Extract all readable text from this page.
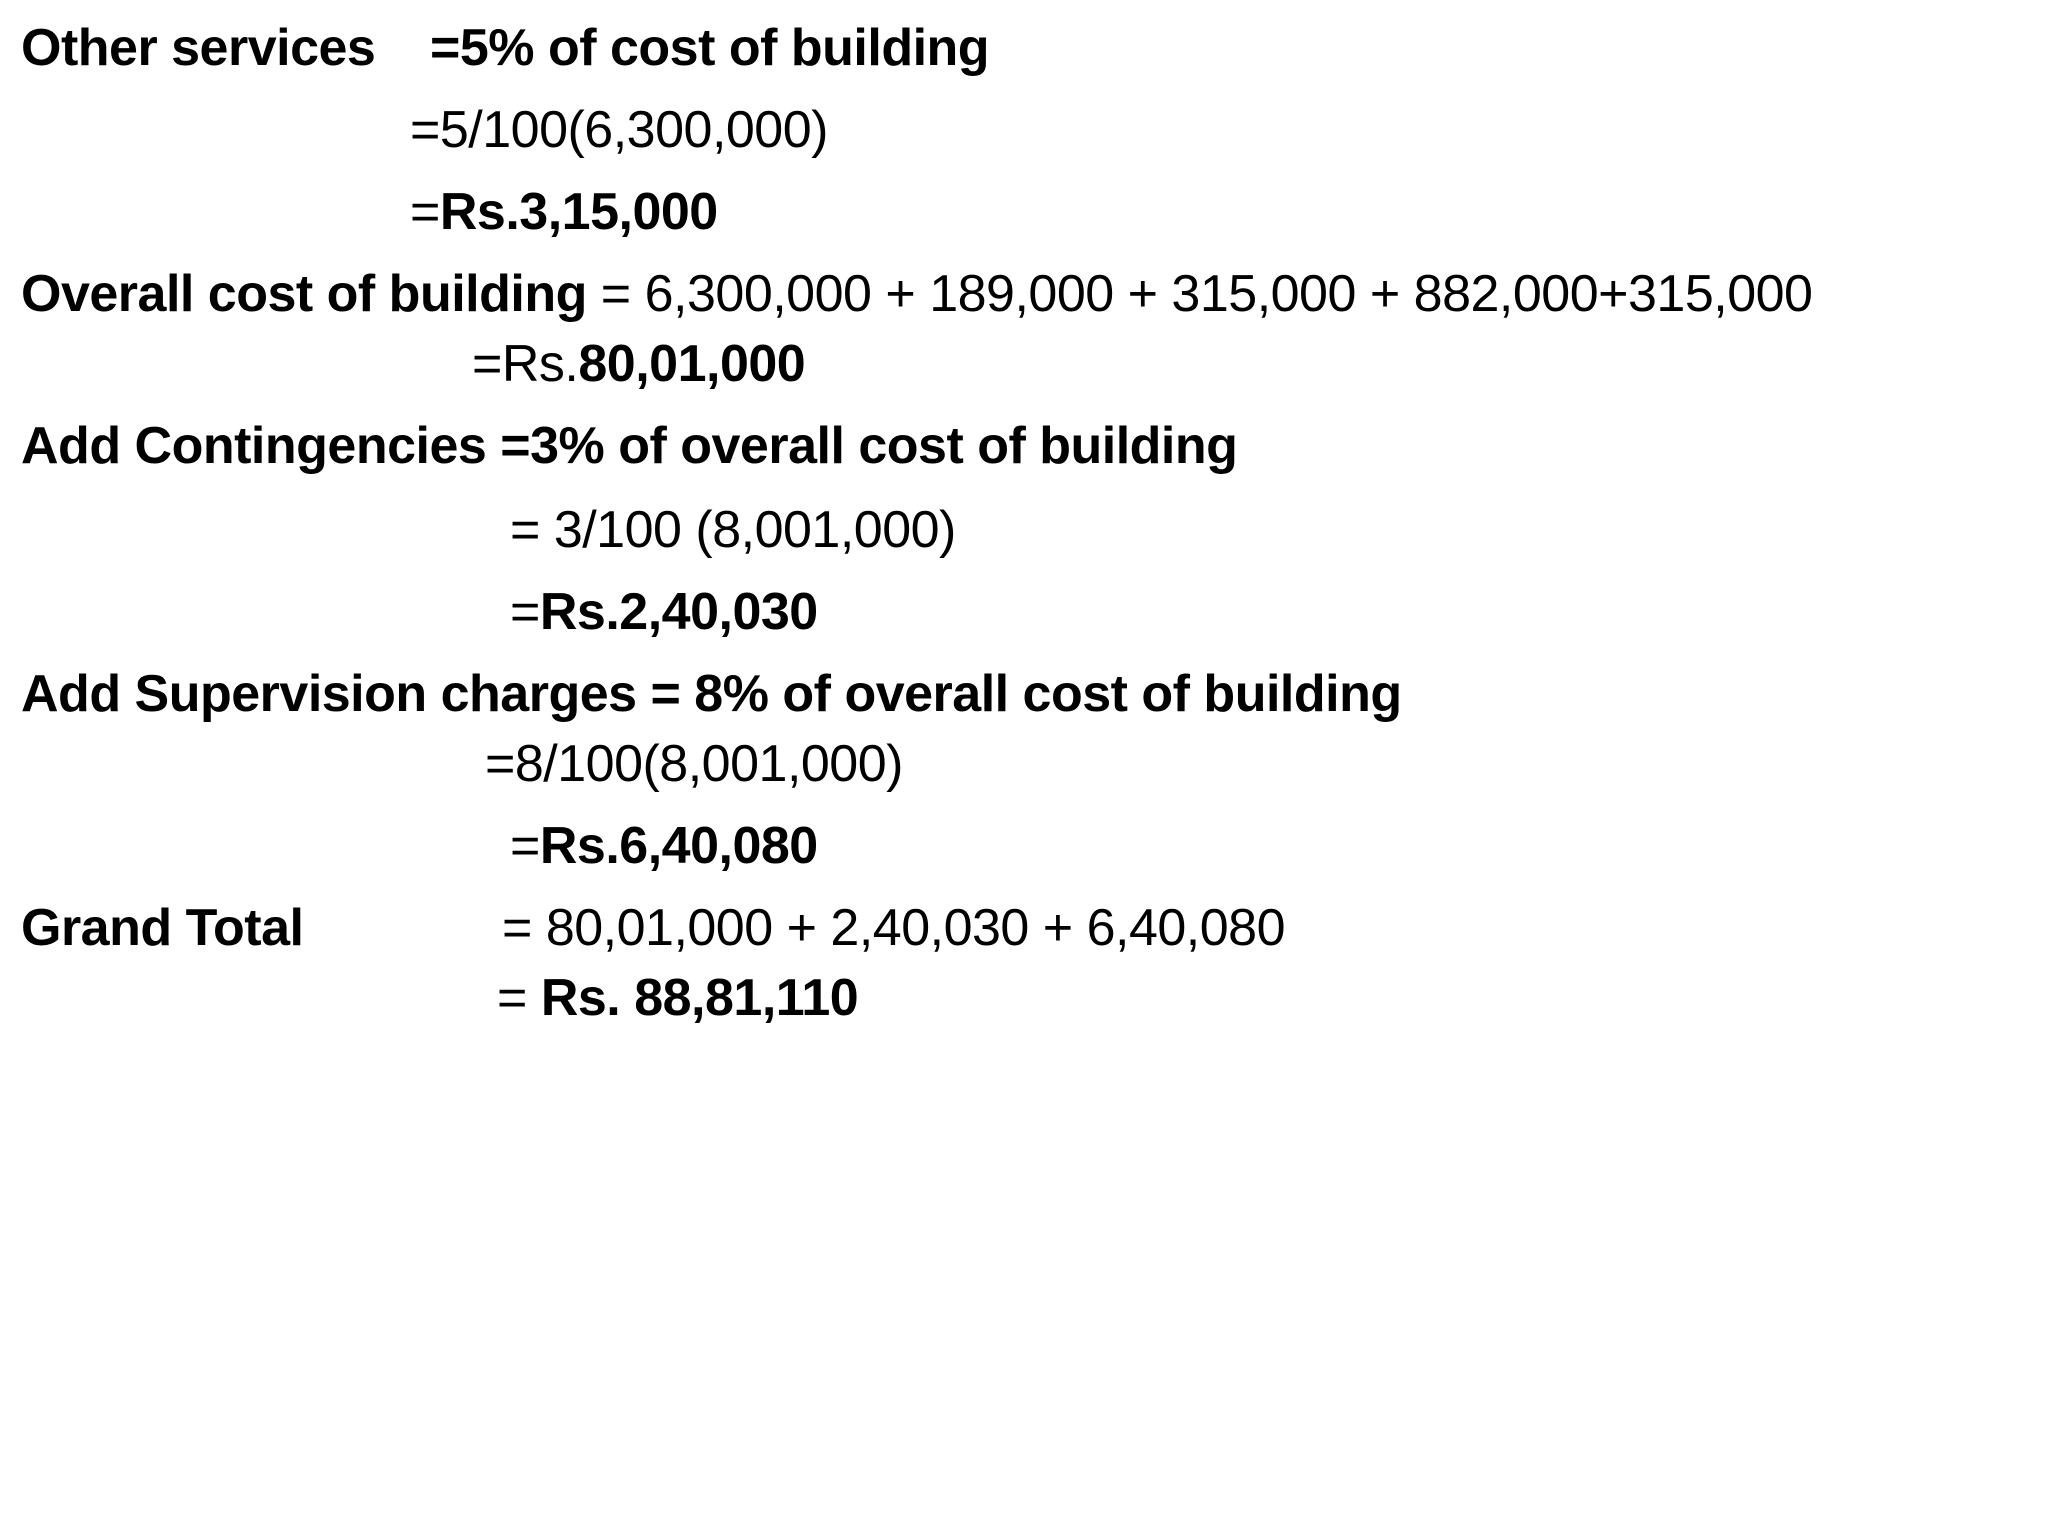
Other services =5% of cost of building
=5/100(6,300,000)
=Rs.3,15,000
Overall cost of building = 6,300,000 + 189,000 + 315,000 + 882,000+315,000
=Rs.80,01,000
Add Contingencies =3% of overall cost of building
= 3/100 (8,001,000)
=Rs.2,40,030
Add Supervision charges = 8% of overall cost of building
=8/100(8,001,000)
=Rs.6,40,080
Grand Total	= 80,01,000 + 2,40,030 + 6,40,080
= Rs. 88,81,110
